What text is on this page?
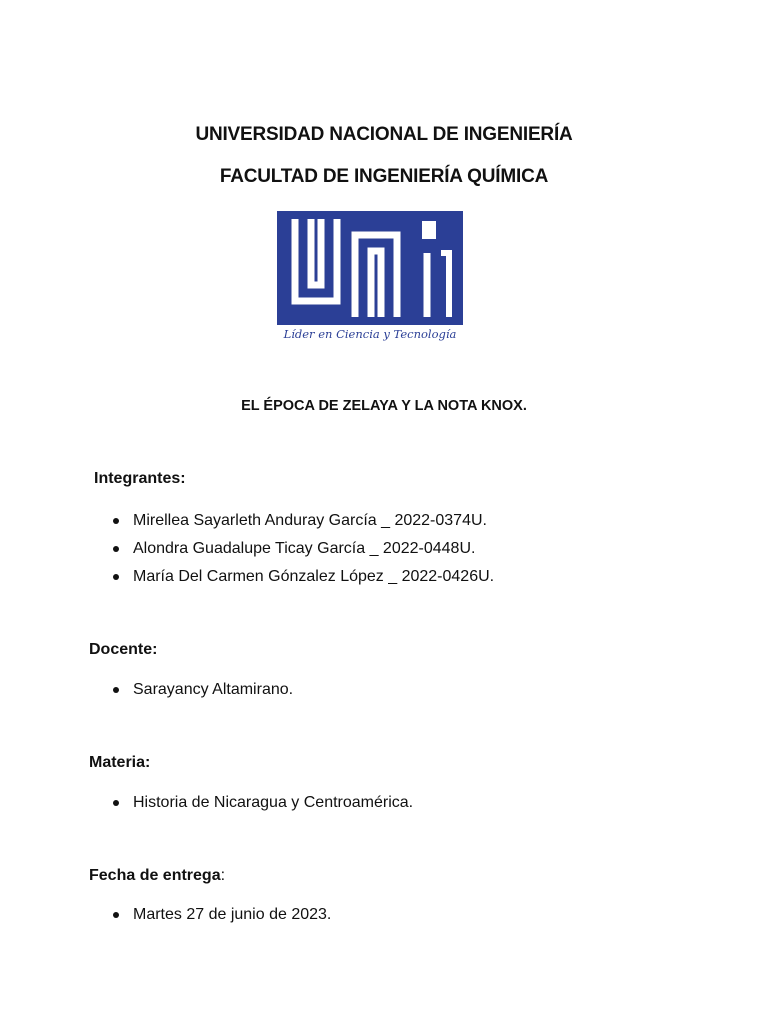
UNIVERSIDAD NACIONAL DE INGENIERÍA
FACULTAD DE INGENIERÍA QUÍMICA
Líder en Ciencia y Tecnología
EL ÉPOCA DE ZELAYA Y LA NOTA KNOX.
Integrantes:
Mirellea Sayarleth Anduray García _ 2022-0374U.
Alondra Guadalupe Ticay García _ 2022-0448U.
María Del Carmen Gónzalez López _ 2022-0426U.
Docente:
Sarayancy Altamirano.
Materia:
Historia de Nicaragua y Centroamérica.
Fecha de entrega:
Martes 27 de junio de 2023.
